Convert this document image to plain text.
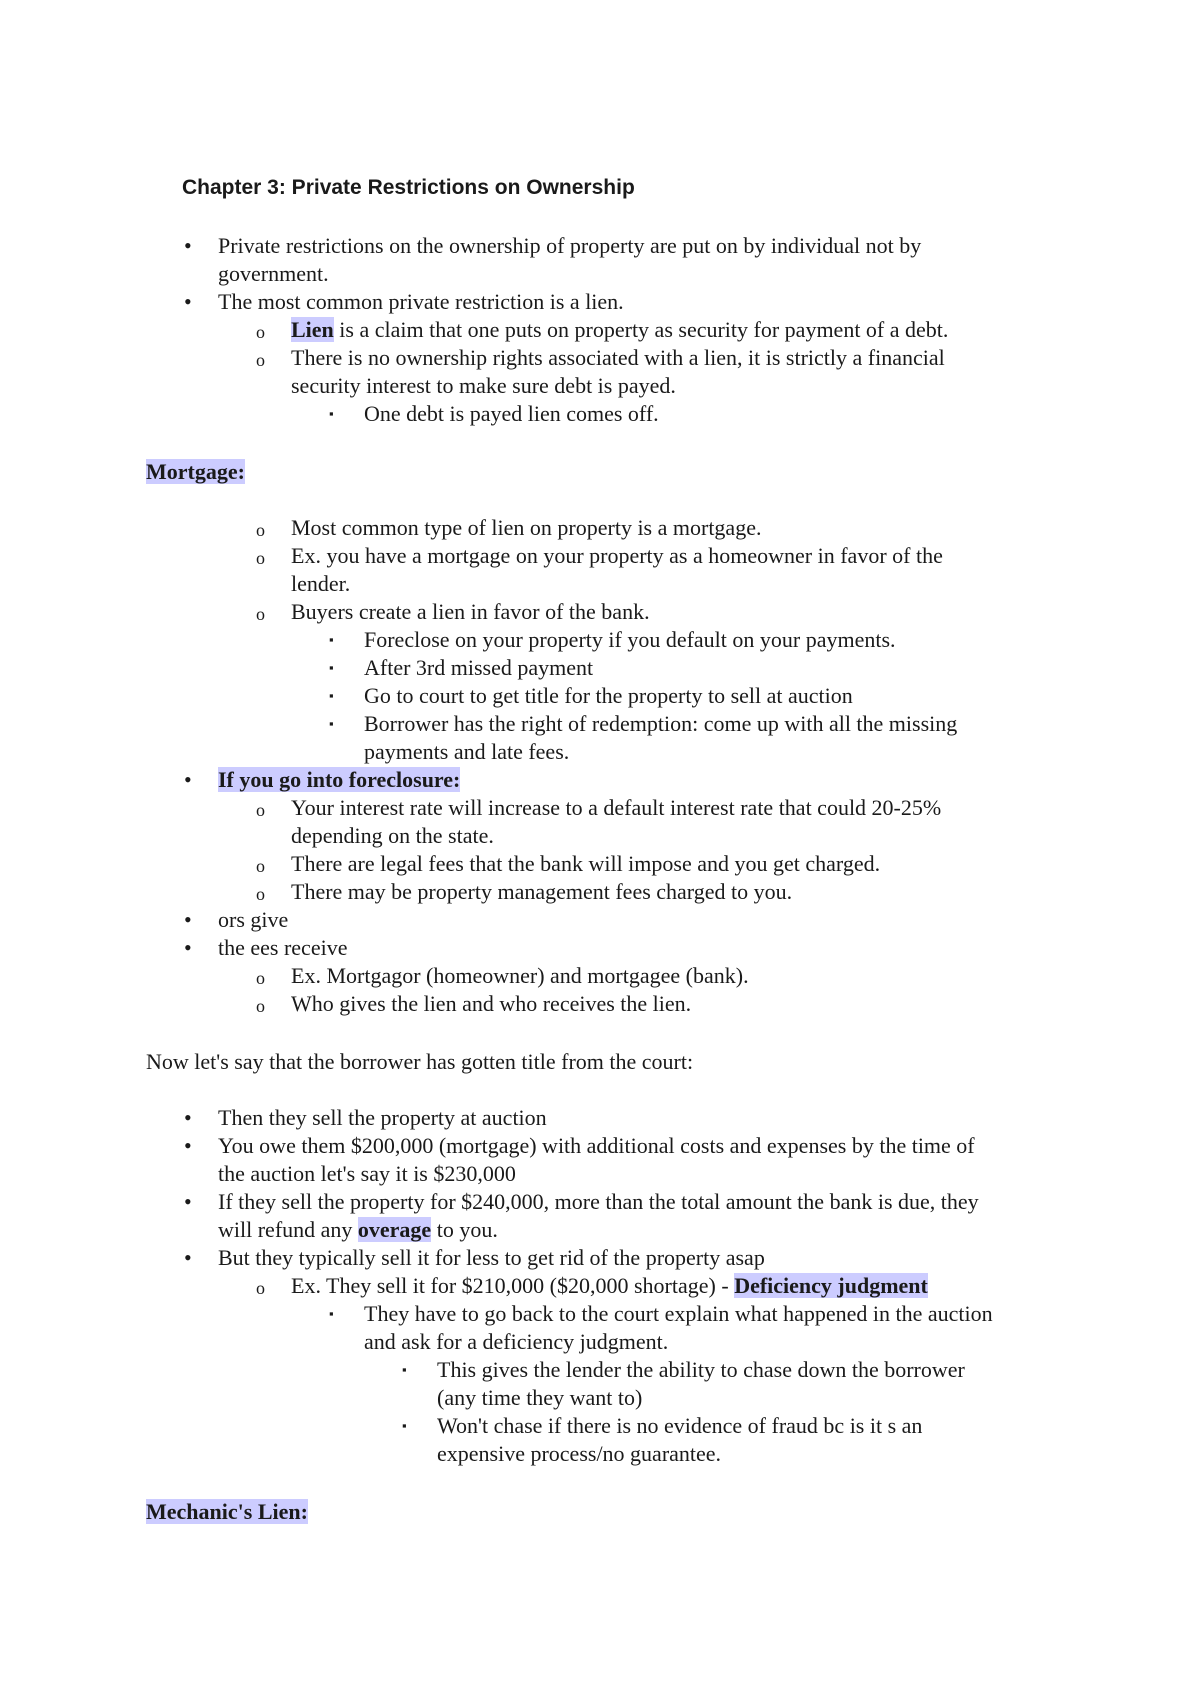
Chapter 3: Private Restrictions on Ownership
• Private restrictions on the ownership of property are put on by individual not by
government.
• The most common private restriction is a lien.
o Lien is a claim that one puts on property as security for payment of a debt.
o There is no ownership rights associated with a lien, it is strictly a financial
security interest to make sure debt is payed.
▪ One debt is payed lien comes off.
Mortgage:
o Most common type of lien on property is a mortgage.
o Ex. you have a mortgage on your property as a homeowner in favor of the
lender.
o Buyers create a lien in favor of the bank.
▪ Foreclose on your property if you default on your payments.
▪ After 3rd missed payment
▪ Go to court to get title for the property to sell at auction
▪ Borrower has the right of redemption: come up with all the missing
payments and late fees.
• If you go into foreclosure:
o Your interest rate will increase to a default interest rate that could 20-25%
depending on the state.
o There are legal fees that the bank will impose and you get charged.
o There may be property management fees charged to you.
• ors give
• the ees receive
o Ex. Mortgagor (homeowner) and mortgagee (bank).
o Who gives the lien and who receives the lien.
Now let's say that the borrower has gotten title from the court:
• Then they sell the property at auction
• You owe them $200,000 (mortgage) with additional costs and expenses by the time of
the auction let's say it is $230,000
• If they sell the property for $240,000, more than the total amount the bank is due, they
will refund any overage to you.
• But they typically sell it for less to get rid of the property asap
o Ex. They sell it for $210,000 ($20,000 shortage) - Deficiency judgment
▪ They have to go back to the court explain what happened in the auction
and ask for a deficiency judgment.
▪ This gives the lender the ability to chase down the borrower
(any time they want to)
▪ Won't chase if there is no evidence of fraud bc is it s an
expensive process/no guarantee.
Mechanic's Lien:
